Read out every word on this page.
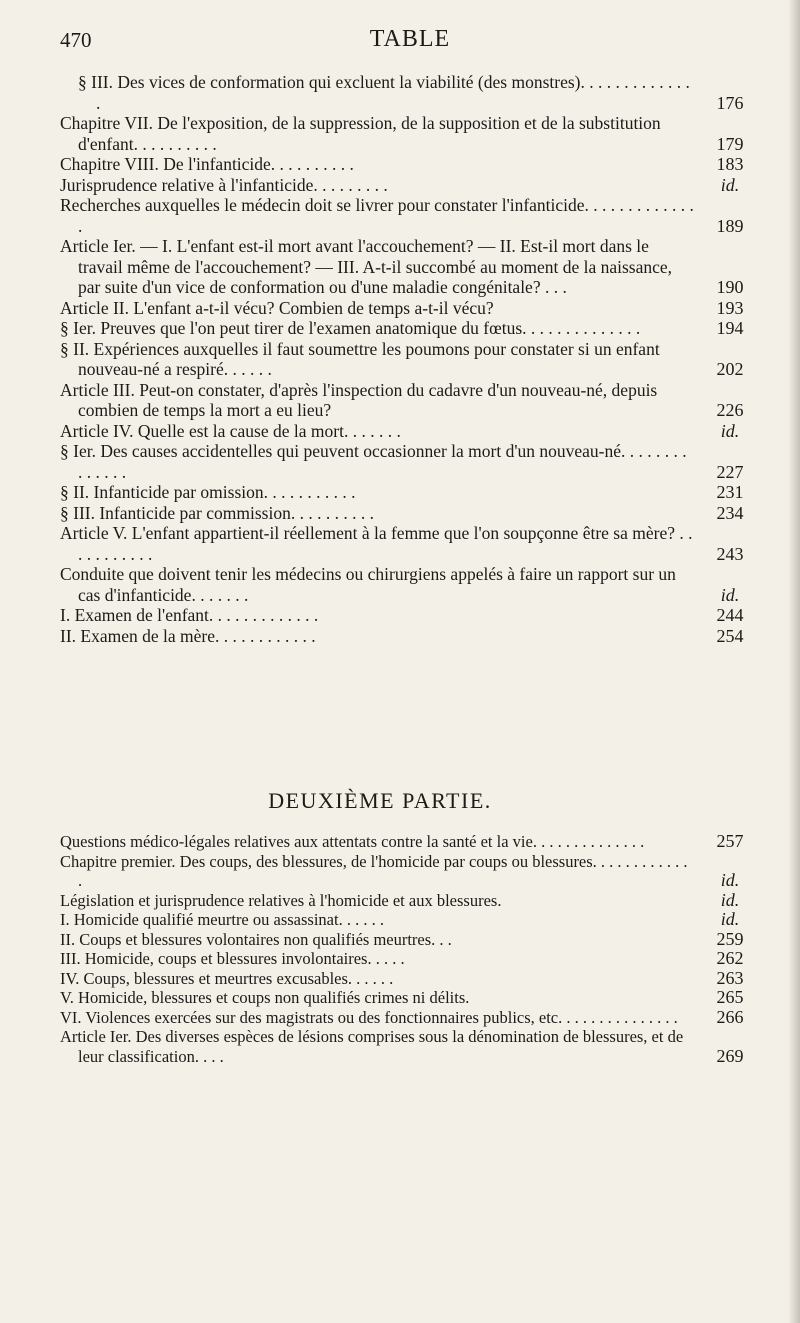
470	TABLE
§ III. Des vices de conformation qui excluent la viabilité (des monstres). . . . . . . . . . . . . .	176
Chapitre VII. De l'exposition, de la suppression, de la supposition et de la substitution d'enfant. . . . . . . . . .	179
Chapitre VIII. De l'infanticide. . . . . . . . . .	183
Jurisprudence relative à l'infanticide. . . . . . . . .	id.
Recherches auxquelles le médecin doit se livrer pour constater l'infanticide. . . . . . . . . . . . . .	189
Article Ier. — I. L'enfant est-il mort avant l'accouchement? — II. Est-il mort dans le travail même de l'accouchement? — III. A-t-il succombé au moment de la naissance, par suite d'un vice de conformation ou d'une maladie congénitale? . . .	190
Article II. L'enfant a-t-il vécu? Combien de temps a-t-il vécu?	193
§ Ier. Preuves que l'on peut tirer de l'examen anatomique du fœtus. . . . . . . . . . . . . .	194
§ II. Expériences auxquelles il faut soumettre les poumons pour constater si un enfant nouveau-né a respiré. . . . . .	202
Article III. Peut-on constater, d'après l'inspection du cadavre d'un nouveau-né, depuis combien de temps la mort a eu lieu?	226
Article IV. Quelle est la cause de la mort. . . . . . .	id.
§ Ier. Des causes accidentelles qui peuvent occasionner la mort d'un nouveau-né. . . . . . . . . . . . . .	227
§ II. Infanticide par omission. . . . . . . . . . .	231
§ III. Infanticide par commission. . . . . . . . . .	234
Article V. L'enfant appartient-il réellement à la femme que l'on soupçonne être sa mère? . . . . . . . . . . .	243
Conduite que doivent tenir les médecins ou chirurgiens appelés à faire un rapport sur un cas d'infanticide. . . . . . .	id.
I. Examen de l'enfant. . . . . . . . . . . . .	244
II. Examen de la mère. . . . . . . . . . . .	254
DEUXIÈME PARTIE.
Questions médico-légales relatives aux attentats contre la santé et la vie. . . . . . . . . . . . . .	257
Chapitre premier. Des coups, des blessures, de l'homicide par coups ou blessures. . . . . . . . . . . . .	id.
Législation et jurisprudence relatives à l'homicide et aux blessures.	id.
I. Homicide qualifié meurtre ou assassinat. . . . . .	id.
II. Coups et blessures volontaires non qualifiés meurtres. . .	259
III. Homicide, coups et blessures involontaires. . . . .	262
IV. Coups, blessures et meurtres excusables. . . . . .	263
V. Homicide, blessures et coups non qualifiés crimes ni délits.	265
VI. Violences exercées sur des magistrats ou des fonctionnaires publics, etc. . . . . . . . . . . . . . .	266
Article Ier. Des diverses espèces de lésions comprises sous la dénomination de blessures, et de leur classification. . . .	269
